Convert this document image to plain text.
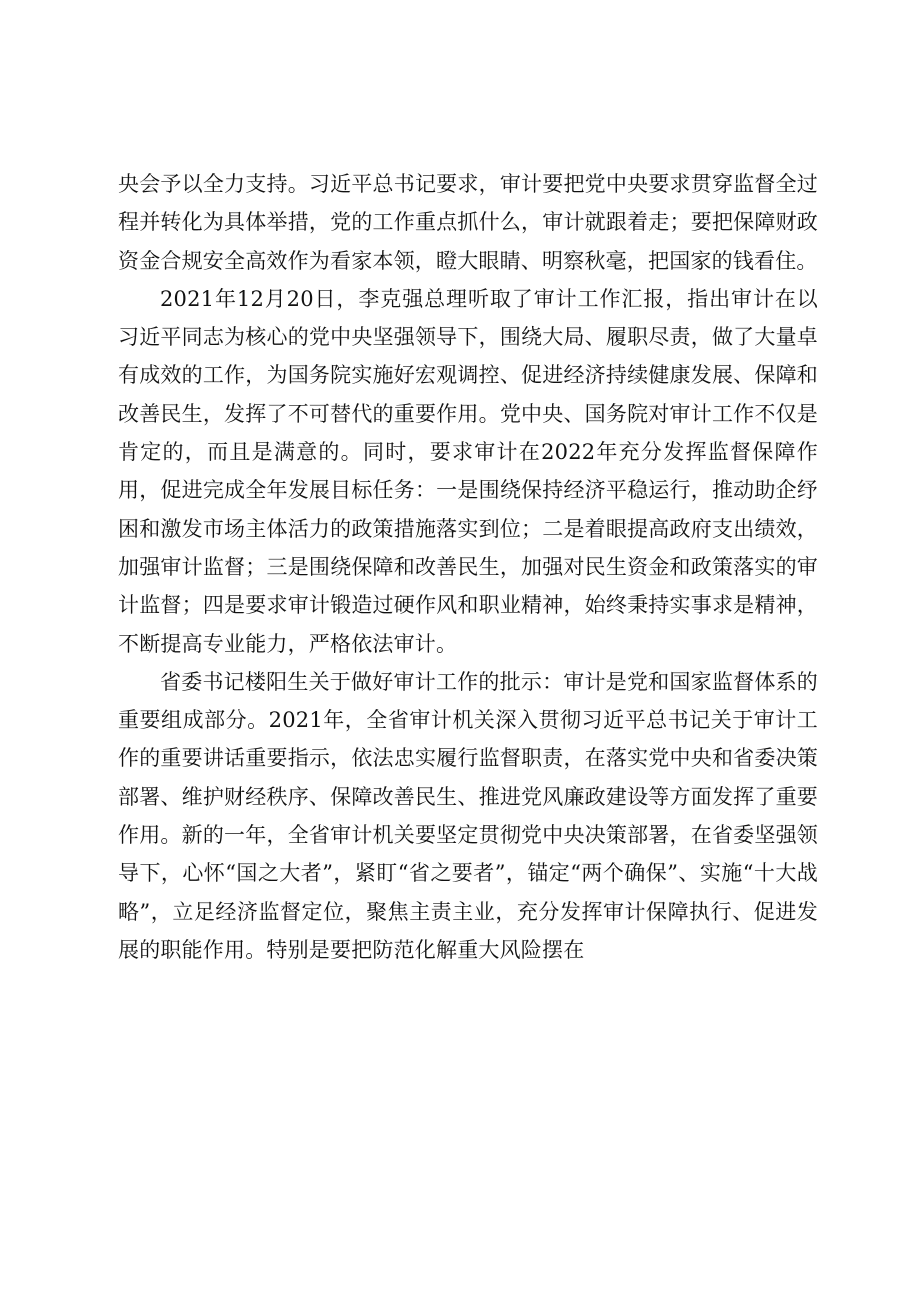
央会予以全力支持。习近平总书记要求，审计要把党中央要求贯穿监督全过程并转化为具体举措，党的工作重点抓什么，审计就跟着走；要把保障财政资金合规安全高效作为看家本领，瞪大眼睛、明察秋毫，把国家的钱看住。

2021年12月20日，李克强总理听取了审计工作汇报，指出审计在以习近平同志为核心的党中央坚强领导下，围绕大局、履职尽责，做了大量卓有成效的工作，为国务院实施好宏观调控、促进经济持续健康发展、保障和改善民生，发挥了不可替代的重要作用。党中央、国务院对审计工作不仅是肯定的，而且是满意的。同时，要求审计在2022年充分发挥监督保障作用，促进完成全年发展目标任务：一是围绕保持经济平稳运行，推动助企纾困和激发市场主体活力的政策措施落实到位；二是着眼提高政府支出绩效，加强审计监督；三是围绕保障和改善民生，加强对民生资金和政策落实的审计监督；四是要求审计锻造过硬作风和职业精神，始终秉持实事求是精神，不断提高专业能力，严格依法审计。

省委书记楼阳生关于做好审计工作的批示：审计是党和国家监督体系的重要组成部分。2021年，全省审计机关深入贯彻习近平总书记关于审计工作的重要讲话重要指示，依法忠实履行监督职责，在落实党中央和省委决策部署、维护财经秩序、保障改善民生、推进党风廉政建设等方面发挥了重要作用。新的一年，全省审计机关要坚定贯彻党中央决策部署，在省委坚强领导下，心怀“国之大者”，紧盯“省之要者”，锚定“两个确保”、实施“十大战略”，立足经济监督定位，聚焦主责主业，充分发挥审计保障执行、促进发展的职能作用。特别是要把防范化解重大风险摆在
